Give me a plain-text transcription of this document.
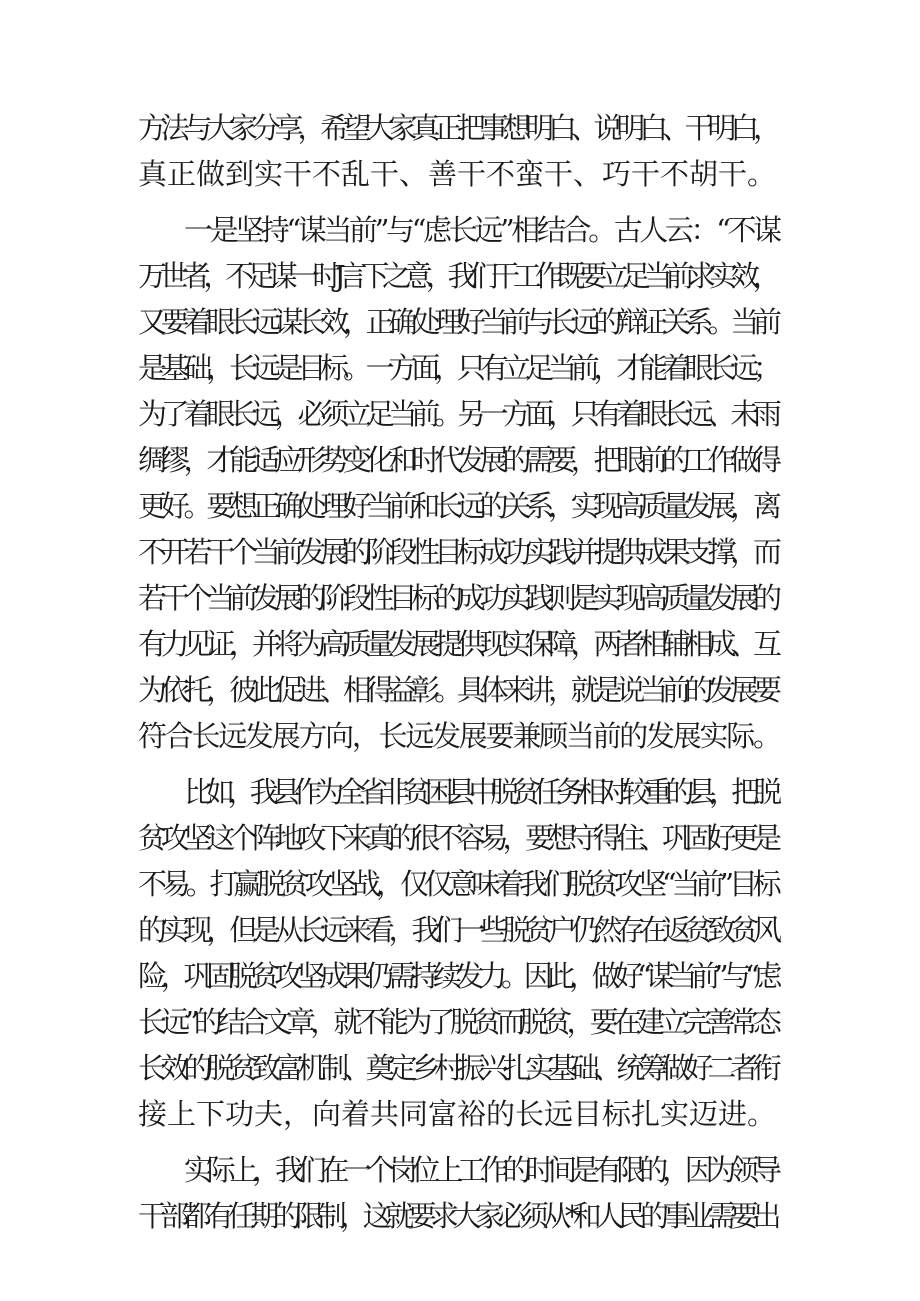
方法与大家分享，希望大家真正把事想明白、说明白、干明白，
真正做到实干不乱干、善干不蛮干、巧干不胡干。
一是坚持“谋当前”与“虑长远”相结合。古人云：“不谋
万世者，不足谋一时J言下之意，我们干工作既要立足当前求实效，
又要着眼长远谋长效，正确处理好当前与长远的辩证关系。当前
是基础，长远是目标。一方面，只有立足当前，才能着眼长远；
为了着眼长远，必须立足当前。另一方面，只有着眼长远、未雨
绸缪，才能适应形势变化和时代发展的需要，把眼前的工作做得
更好。要想正确处理好当前和长远的关系，实现高质量发展，离
不开若干个当前发展的阶段性目标成功实践并提供成果支撑，而
若干个当前发展的阶段性目标的成功实践则是实现高质量发展的
有力见证，并将为高质量发展提供现实保障，两者相辅相成、互
为依托，彼此促进、相得益彰。具体来讲，就是说当前的发展要
符合长远发展方向，长远发展要兼顾当前的发展实际。
比如，我县作为全省非贫困县中脱贫任务相对较重的县，把脱
贫攻坚这个阵地攻下来真的很不容易，要想守得住、巩固好更是
不易。打赢脱贫攻坚战，仅仅意味着我们脱贫攻坚“当前”目标
的实现，但是从长远来看，我们一些脱贫户仍然存在返贫致贫风
险，巩固脱贫攻坚成果仍需持续发力。因此，做好“谋当前”与“虑
长远”的结合文章，就不能为了脱贫而脱贫，要在建立完善常态
长效的脱贫致富机制、奠定乡村振兴扎实基础、统筹做好二者衔
接上下功夫，向着共同富裕的长远目标扎实迈进。
实际上，我们在一个岗位上工作的时间是有限的，因为领导
干部都有任期的限制，这就要求大家必须从*和人民的事业需要出
